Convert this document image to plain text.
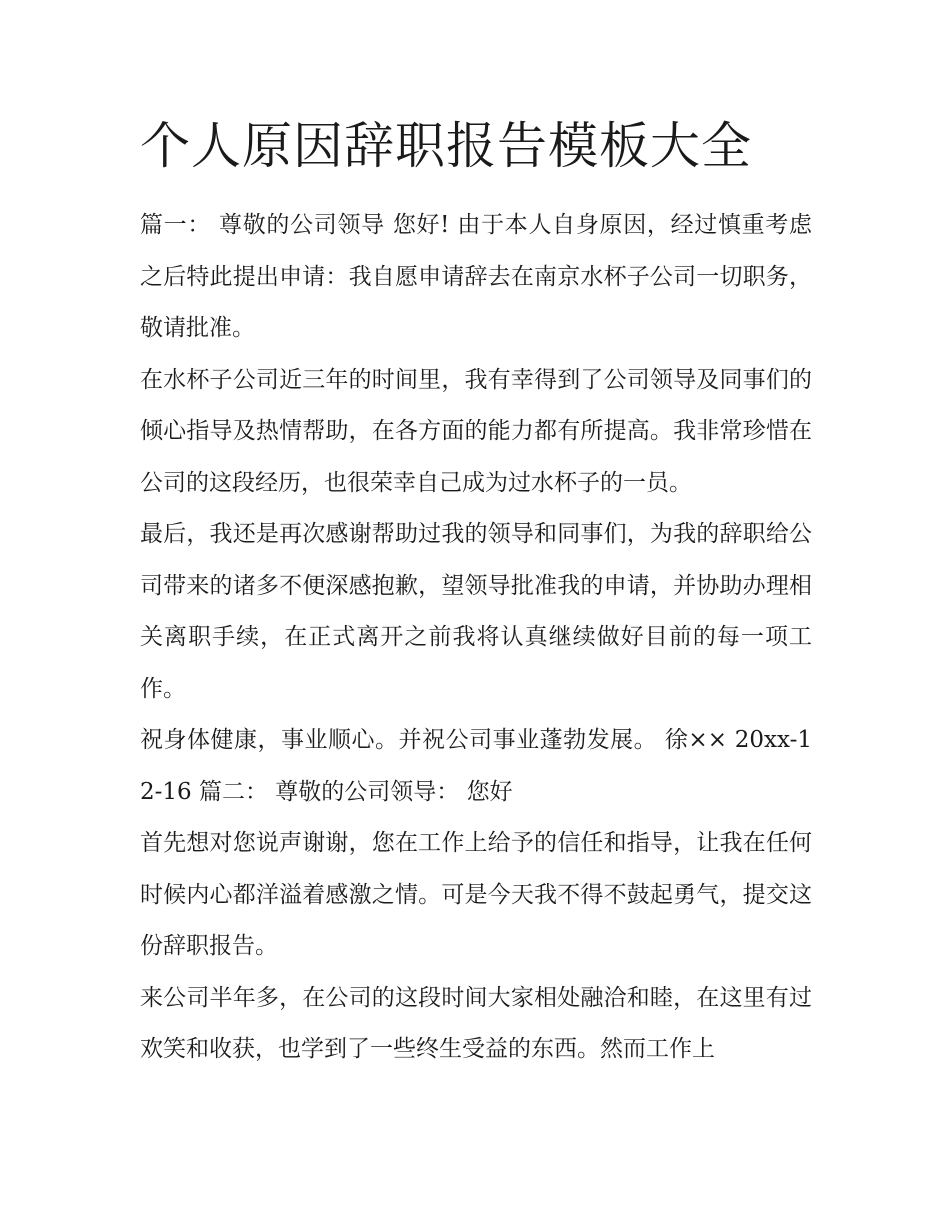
个人原因辞职报告模板大全

篇一： 尊敬的公司领导 您好! 由于本人自身原因，经过慎重考虑之后特此提出申请：我自愿申请辞去在南京水杯子公司一切职务，敬请批准。

在水杯子公司近三年的时间里，我有幸得到了公司领导及同事们的倾心指导及热情帮助，在各方面的能力都有所提高。我非常珍惜在公司的这段经历，也很荣幸自己成为过水杯子的一员。

最后，我还是再次感谢帮助过我的领导和同事们，为我的辞职给公司带来的诸多不便深感抱歉，望领导批准我的申请，并协助办理相关离职手续，在正式离开之前我将认真继续做好目前的每一项工作。

祝身体健康，事业顺心。并祝公司事业蓬勃发展。 徐×× 20xx-12-16 篇二： 尊敬的公司领导： 您好

首先想对您说声谢谢，您在工作上给予的信任和指导，让我在任何时候内心都洋溢着感激之情。可是今天我不得不鼓起勇气，提交这份辞职报告。

来公司半年多，在公司的这段时间大家相处融洽和睦，在这里有过欢笑和收获，也学到了一些终生受益的东西。然而工作上
